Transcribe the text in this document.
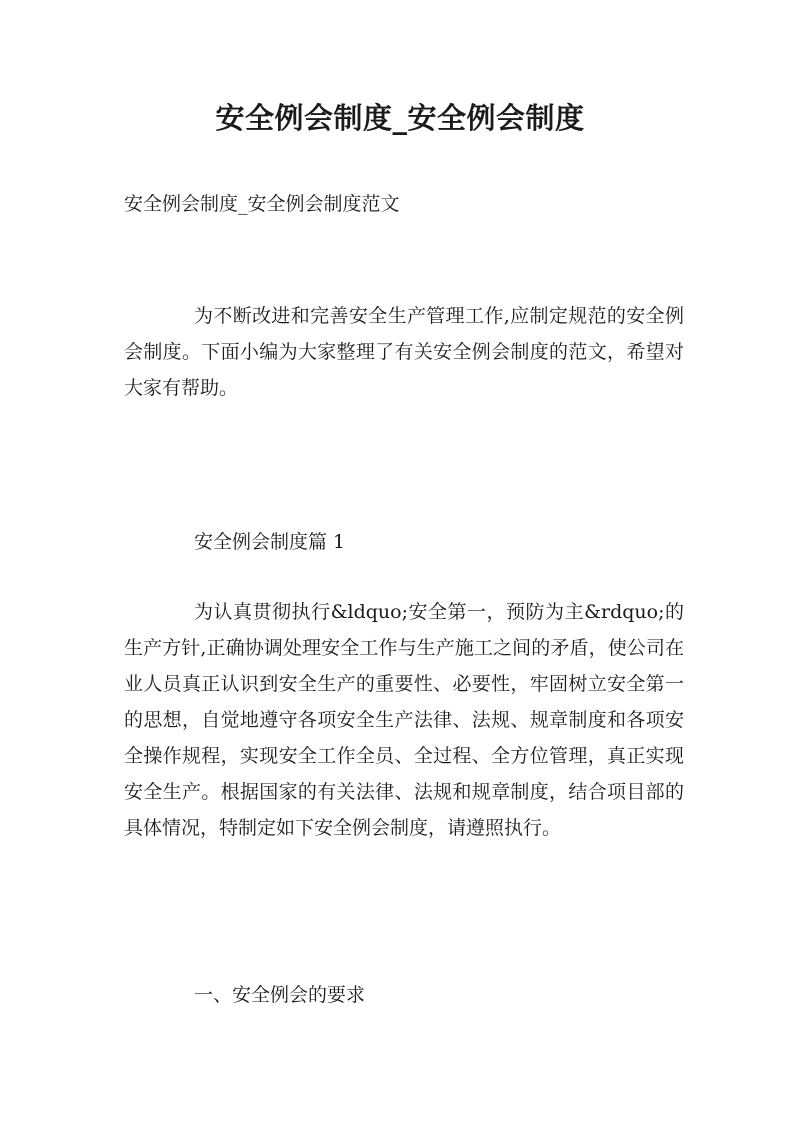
安全例会制度_安全例会制度

安全例会制度_安全例会制度范文

为不断改进和完善安全生产管理工作,应制定规范的安全例会制度。下面小编为大家整理了有关安全例会制度的范文，希望对大家有帮助。

安全例会制度篇 1

为认真贯彻执行&ldquo;安全第一，预防为主&rdquo;的生产方针,正确协调处理安全工作与生产施工之间的矛盾，使公司在业人员真正认识到安全生产的重要性、必要性，牢固树立安全第一的思想，自觉地遵守各项安全生产法律、法规、规章制度和各项安全操作规程，实现安全工作全员、全过程、全方位管理，真正实现安全生产。根据国家的有关法律、法规和规章制度，结合项目部的具体情况，特制定如下安全例会制度，请遵照执行。

一、安全例会的要求
